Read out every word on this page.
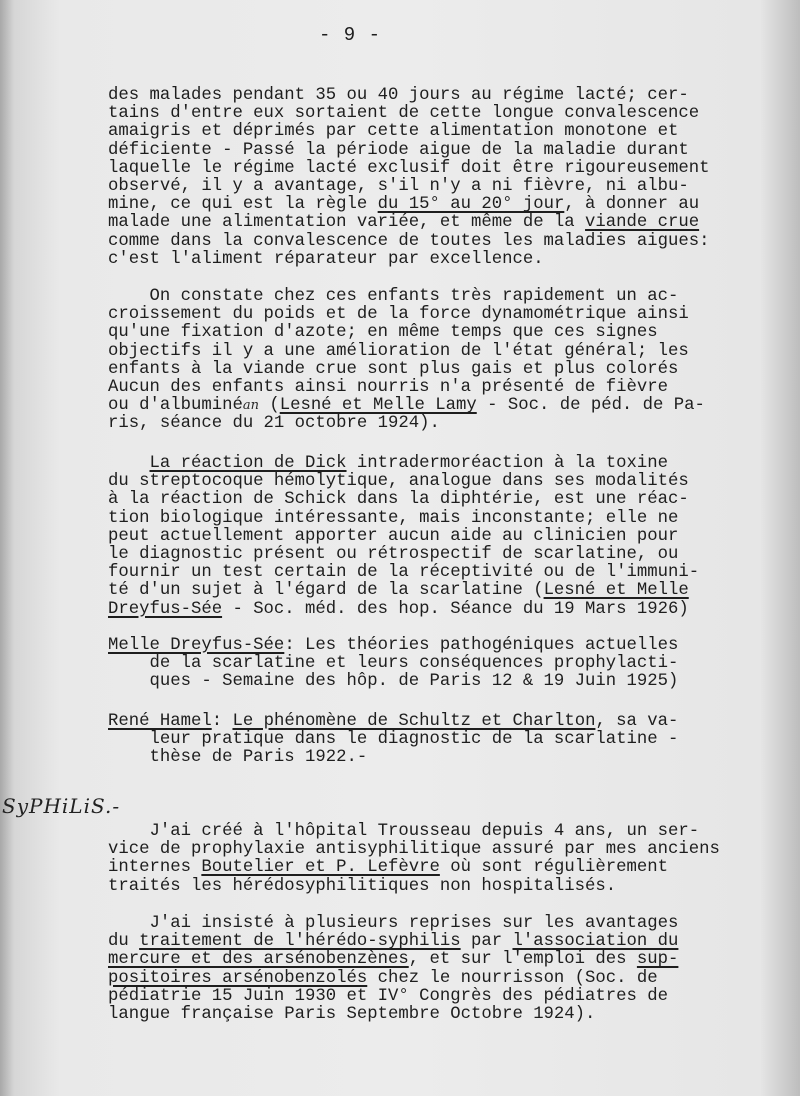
- 9 -
SyPHiLiS.-
des malades pendant 35 ou 40 jours au régime lacté; cer-
tains d'entre eux sortaient de cette longue convalescence
amaigris et déprimés par cette alimentation monotone et
déficiente - Passé la période aigue de la maladie durant
laquelle le régime lacté exclusif doit être rigoureusement
observé, il y a avantage, s'il n'y a ni fièvre, ni albu-
mine, ce qui est la règle du 15° au 20° jour, à donner au
malade une alimentation variée, et même de la viande crue
comme dans la convalescence de toutes les maladies aigues:
c'est l'aliment réparateur par excellence.
On constate chez ces enfants très rapidement un ac-
croissement du poids et de la force dynamométrique ainsi
qu'une fixation d'azote; en même temps que ces signes
objectifs il y a une amélioration de l'état général; les
enfants à la viande crue sont plus gais et plus colorés
Aucun des enfants ainsi nourris n'a présenté de fièvre
ou d'albuminéan (Lesné et Melle Lamy - Soc. de péd. de Pa-
ris, séance du 21 octobre 1924).
La réaction de Dick intradermoréaction à la toxine
du streptocoque hémolytique, analogue dans ses modalités
à la réaction de Schick dans la diphtérie, est une réac-
tion biologique intéressante, mais inconstante; elle ne
peut actuellement apporter aucun aide au clinicien pour
le diagnostic présent ou rétrospectif de scarlatine, ou
fournir un test certain de la réceptivité ou de l'immuni-
té d'un sujet à l'égard de la scarlatine (Lesné et Melle
Dreyfus-Sée - Soc. méd. des hop. Séance du 19 Mars 1926)
Melle Dreyfus-Sée: Les théories pathogéniques actuelles
de la scarlatine et leurs conséquences prophylacti-
ques - Semaine des hôp. de Paris 12 & 19 Juin 1925)
René Hamel: Le phénomène de Schultz et Charlton, sa va-
leur pratique dans le diagnostic de la scarlatine -
thèse de Paris 1922.-
J'ai créé à l'hôpital Trousseau depuis 4 ans, un ser-
vice de prophylaxie antisyphilitique assuré par mes anciens
internes Boutelier et P. Lefèvre où sont régulièrement
traités les hérédosyphilitiques non hospitalisés.
J'ai insisté à plusieurs reprises sur les avantages
du traitement de l'hérédo-syphilis par l'association du
mercure et des arsénobenzènes, et sur l'emploi des sup-
positoires arsénobenzolés chez le nourrisson (Soc. de
pédiatrie 15 Juin 1930 et IV° Congrès des pédiatres de
langue française Paris Septembre Octobre 1924).
